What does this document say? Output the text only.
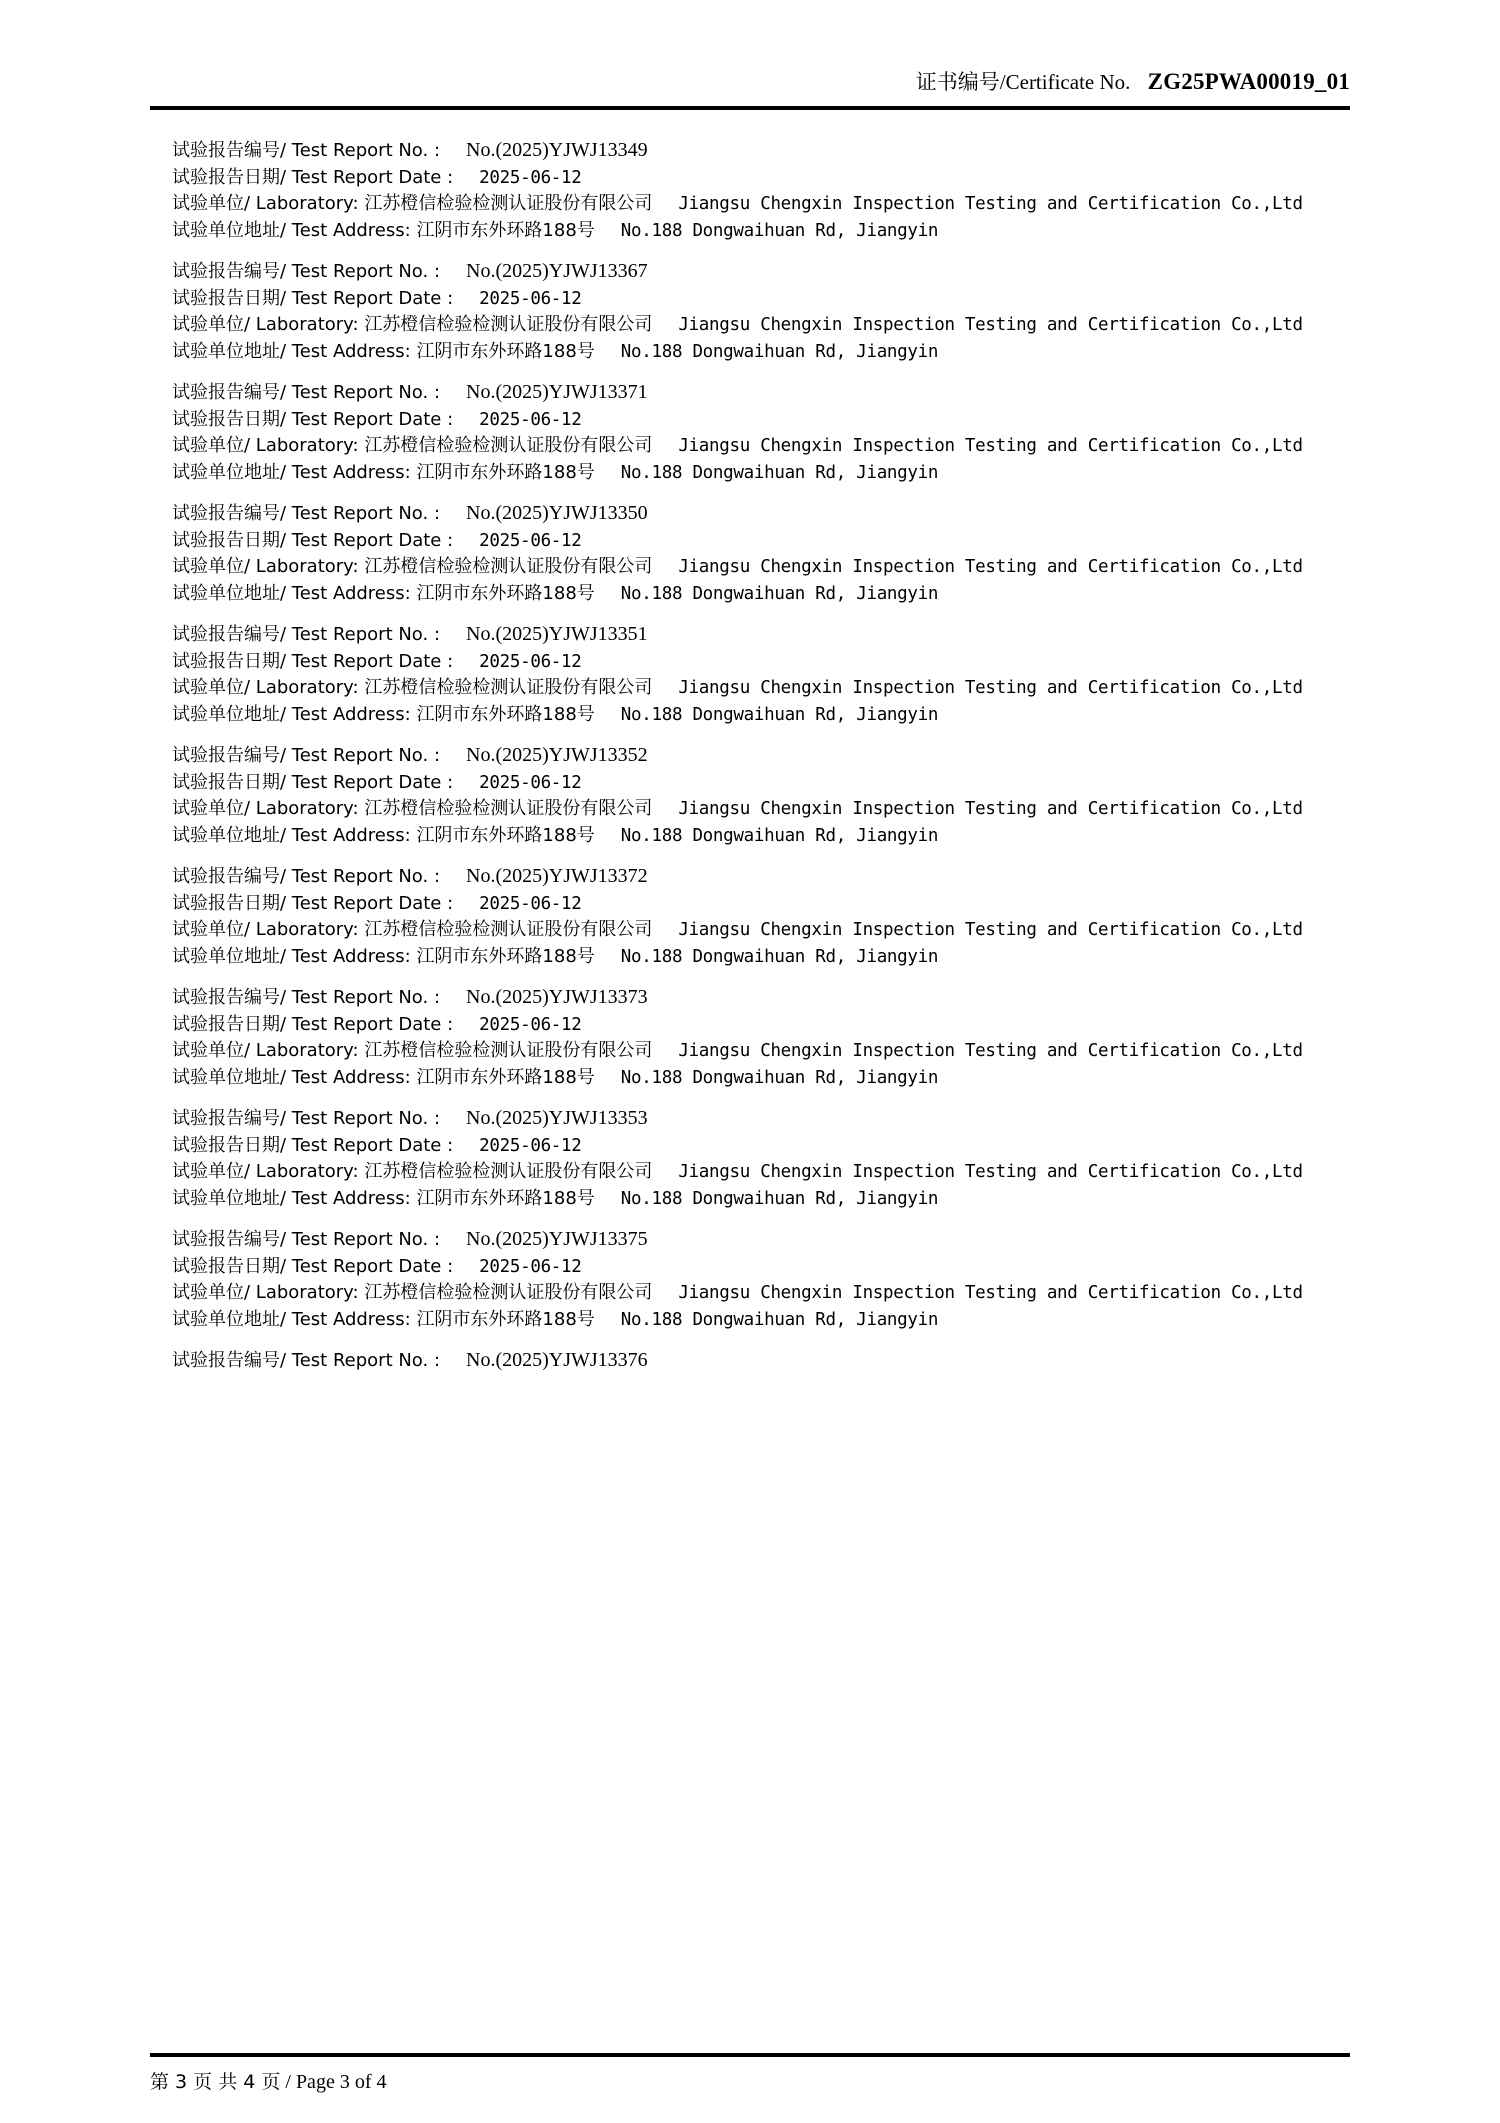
证书编号/Certificate No. ZG25PWA00019_01
试验报告编号/ Test Report No. : No.(2025)YJWJ13349
试验报告日期/ Test Report Date : 2025-06-12
试验单位/ Laboratory: 江苏橙信检验检测认证股份有限公司 Jiangsu Chengxin Inspection Testing and Certification Co.,Ltd
试验单位地址/ Test Address: 江阴市东外环路188号 No.188 Dongwaihuan Rd, Jiangyin
试验报告编号/ Test Report No. : No.(2025)YJWJ13367
试验报告日期/ Test Report Date : 2025-06-12
试验单位/ Laboratory: 江苏橙信检验检测认证股份有限公司 Jiangsu Chengxin Inspection Testing and Certification Co.,Ltd
试验单位地址/ Test Address: 江阴市东外环路188号 No.188 Dongwaihuan Rd, Jiangyin
试验报告编号/ Test Report No. : No.(2025)YJWJ13371
试验报告日期/ Test Report Date : 2025-06-12
试验单位/ Laboratory: 江苏橙信检验检测认证股份有限公司 Jiangsu Chengxin Inspection Testing and Certification Co.,Ltd
试验单位地址/ Test Address: 江阴市东外环路188号 No.188 Dongwaihuan Rd, Jiangyin
试验报告编号/ Test Report No. : No.(2025)YJWJ13350
试验报告日期/ Test Report Date : 2025-06-12
试验单位/ Laboratory: 江苏橙信检验检测认证股份有限公司 Jiangsu Chengxin Inspection Testing and Certification Co.,Ltd
试验单位地址/ Test Address: 江阴市东外环路188号 No.188 Dongwaihuan Rd, Jiangyin
试验报告编号/ Test Report No. : No.(2025)YJWJ13351
试验报告日期/ Test Report Date : 2025-06-12
试验单位/ Laboratory: 江苏橙信检验检测认证股份有限公司 Jiangsu Chengxin Inspection Testing and Certification Co.,Ltd
试验单位地址/ Test Address: 江阴市东外环路188号 No.188 Dongwaihuan Rd, Jiangyin
试验报告编号/ Test Report No. : No.(2025)YJWJ13352
试验报告日期/ Test Report Date : 2025-06-12
试验单位/ Laboratory: 江苏橙信检验检测认证股份有限公司 Jiangsu Chengxin Inspection Testing and Certification Co.,Ltd
试验单位地址/ Test Address: 江阴市东外环路188号 No.188 Dongwaihuan Rd, Jiangyin
试验报告编号/ Test Report No. : No.(2025)YJWJ13372
试验报告日期/ Test Report Date : 2025-06-12
试验单位/ Laboratory: 江苏橙信检验检测认证股份有限公司 Jiangsu Chengxin Inspection Testing and Certification Co.,Ltd
试验单位地址/ Test Address: 江阴市东外环路188号 No.188 Dongwaihuan Rd, Jiangyin
试验报告编号/ Test Report No. : No.(2025)YJWJ13373
试验报告日期/ Test Report Date : 2025-06-12
试验单位/ Laboratory: 江苏橙信检验检测认证股份有限公司 Jiangsu Chengxin Inspection Testing and Certification Co.,Ltd
试验单位地址/ Test Address: 江阴市东外环路188号 No.188 Dongwaihuan Rd, Jiangyin
试验报告编号/ Test Report No. : No.(2025)YJWJ13353
试验报告日期/ Test Report Date : 2025-06-12
试验单位/ Laboratory: 江苏橙信检验检测认证股份有限公司 Jiangsu Chengxin Inspection Testing and Certification Co.,Ltd
试验单位地址/ Test Address: 江阴市东外环路188号 No.188 Dongwaihuan Rd, Jiangyin
试验报告编号/ Test Report No. : No.(2025)YJWJ13375
试验报告日期/ Test Report Date : 2025-06-12
试验单位/ Laboratory: 江苏橙信检验检测认证股份有限公司 Jiangsu Chengxin Inspection Testing and Certification Co.,Ltd
试验单位地址/ Test Address: 江阴市东外环路188号 No.188 Dongwaihuan Rd, Jiangyin
试验报告编号/ Test Report No. : No.(2025)YJWJ13376
第 3 页 共 4 页 / Page 3 of 4
